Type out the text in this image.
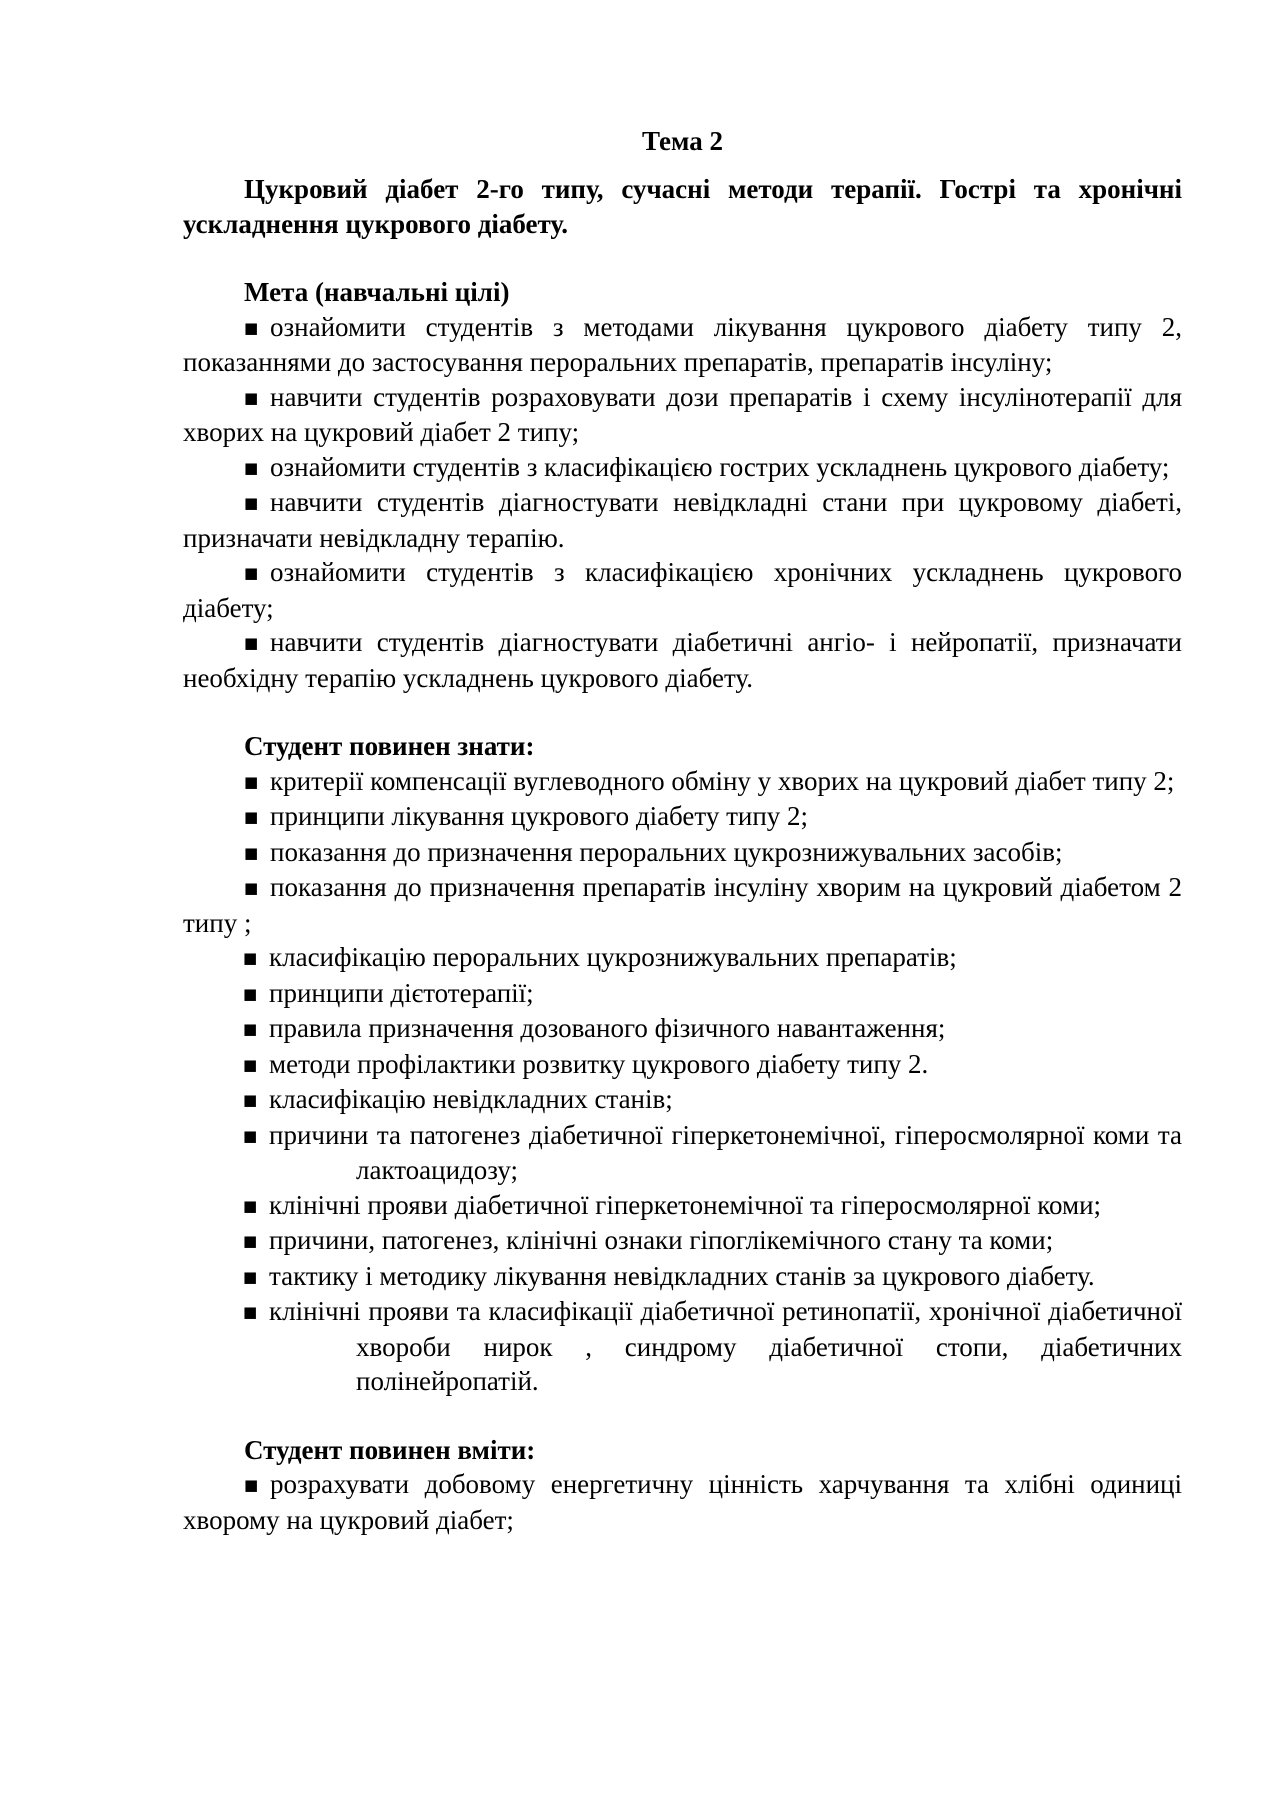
Тема 2

Цукровий діабет 2-го типу, сучасні методи терапії. Гострі та хронічні ускладнення цукрового діабету.

Мета (навчальні цілі)

■ ознайомити студентів з методами лікування цукрового діабету типу 2, показаннями до застосування пероральних препаратів, препаратів інсуліну;
■ навчити студентів розраховувати дози препаратів і схему інсулінотерапії для хворих на цукровий діабет 2 типу;
■ ознайомити студентів з класифікацією гострих ускладнень цукрового діабету;
■ навчити студентів діагностувати невідкладні стани при цукровому діабеті, призначати невідкладну терапію.
■ ознайомити студентів з класифікацією хронічних ускладнень цукрового діабету;
■ навчити студентів діагностувати діабетичні ангіо- і нейропатії, призначати необхідну терапію ускладнень цукрового діабету.

Студент повинен знати:

■ критерії компенсації вуглеводного обміну у хворих на цукровий діабет типу 2;
■ принципи лікування цукрового діабету типу 2;
■ показання до призначення пероральних цукрознижувальних засобів;
■ показання до призначення препаратів інсуліну хворим на цукровий діабетом 2 типу ;
■ класифікацію пероральних цукрознижувальних препаратів;
■ принципи дієтотерапії;
■ правила призначення дозованого фізичного навантаження;
■ методи профілактики розвитку цукрового діабету типу 2.
■ класифікацію невідкладних станів;
■ причини та патогенез діабетичної гіперкетонемічної, гіперосмолярної коми та лактоацидозу;
■ клінічні прояви діабетичної гіперкетонемічної та гіперосмолярної коми;
■ причини, патогенез, клінічні ознаки гіпоглікемічного стану та коми;
■ тактику і методику лікування невідкладних станів за цукрового діабету.
■ клінічні прояви та класифікації діабетичної ретинопатії, хронічної діабетичної хвороби нирок , синдрому діабетичної стопи, діабетичних полінейропатій.

Студент повинен вміти:

■ розрахувати добовому енергетичну цінність харчування та хлібні одиниці хворому на цукровий діабет;
